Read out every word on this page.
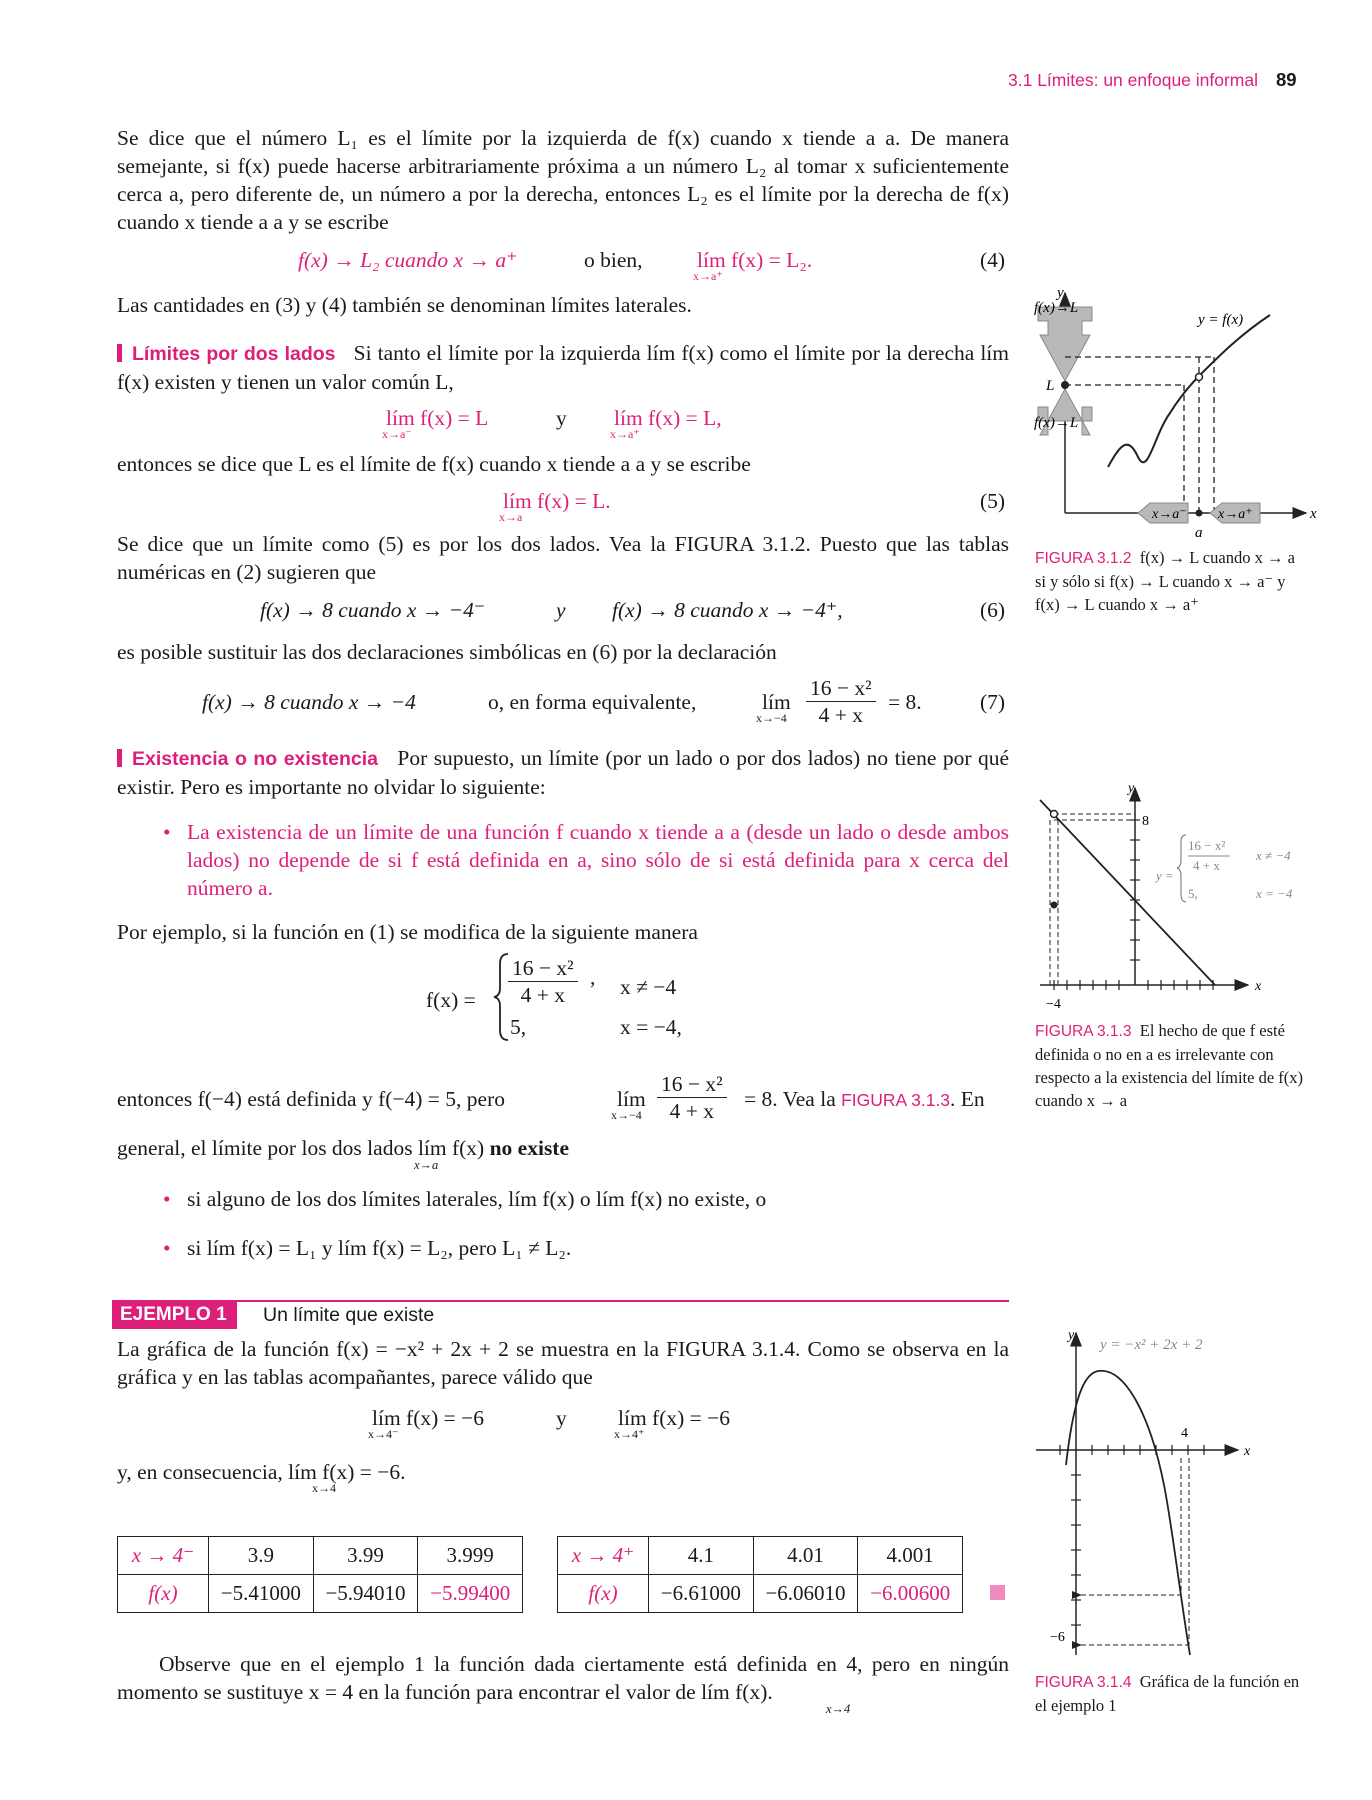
3.1 Límites: un enfoque informal 89
Se dice que el número L₁ es el límite por la izquierda de f(x) cuando x tiende a a. De manera semejante, si f(x) puede hacerse arbitrariamente próxima a un número L₂ al tomar x suficientemente cerca a, pero diferente de, un número a por la derecha, entonces L₂ es el límite por la derecha de f(x) cuando x tiende a a y se escribe
f(x) → L₂ cuando x → a⁺	o bien,	lím f(x) = L₂.
x→a⁺
(4)
Las cantidades en (3) y (4) también se denominan límites laterales.
Límites por dos lados Si tanto el límite por la izquierda lím f(x) como el límite por la derecha lím f(x) existen y tienen un valor común L,
lím f(x) = L
x→a⁻
y lím f(x) = L,
x→a⁺
entonces se dice que L es el límite de f(x) cuando x tiende a a y se escribe
lím f(x) = L.
x→a
(5)
Se dice que un límite como (5) es por los dos lados. Vea la FIGURA 3.1.2. Puesto que las tablas numéricas en (2) sugieren que
f(x) → 8 cuando x → −4⁻	y f(x) → 8 cuando x → −4⁺,	(6)
es posible sustituir las dos declaraciones simbólicas en (6) por la declaración
f(x) → 8 cuando x → −4	o, en forma equivalente,	lím
$x\to-4 \frac{\text{16 − x²}}{4 + x} = 8$.	(7)
Existencia o no existencia Por supuesto, un límite (por un lado o por dos lados) no tiene por qué existir. Pero es importante no olvidar lo siguiente:
• La existencia de un límite de una función f cuando x tiende a a (desde un lado o desde ambos lados) no depende de si f está definida en a, sino sólo de si está definida para x cerca del número a.
Por ejemplo, si la función en (1) se modifica de la siguiente manera
$f(x) = \frac{\text{16 − x²}}{4 + x}$ , x ≠ −4
5,	x = −4,
entonces f(−4) está definida y f(−4) = 5, pero	lím
$x\to-4 \frac{\text{16 − x²}}{4 + x} = 8$. Vea la FIGURA 3.1.3. En
general, el límite por los dos lados lím f(x)
x→a
no existe
• si alguno de los dos límites laterales, lím f(x) o lím f(x) no existe, o
• si lím f(x) = L₁ y lím f(x) = L₂, pero L₁ ≠ L₂.
EJEMPLO 1	Un límite que existe
La gráfica de la función f(x) = −x² + 2x + 2 se muestra en la FIGURA 3.1.4. Como se observa en la gráfica y en las tablas acompañantes, parece válido que
lím f(x) = −6
x→4⁻
y lím f(x) = −6
x→4⁺
y, en consecuencia, lím f(x) = −6.
x→4
x → 4⁻	3.9	3.99	3.999
f(x)	−5.41000	−5.94010	−5.99400
x → 4⁺	4.1	4.01	4.001
f(x)	−6.61000	−6.06010	−6.00600
Observe que en el ejemplo 1 la función dada ciertamente está definida en 4, pero en ningún momento se sustituye x = 4 en la función para encontrar el valor de lím f(x).
x→4
y
x
f(x)→L
f(x)→L
L
y = f(x)
x→a⁻ x→a⁺
a
FIGURA 3.1.2 f(x) → L cuando x → a si y sólo si f(x) → L cuando x → a⁻ y f(x) → L cuando x → a⁺
y
x
8
−4
y =
16 − x²
4 + x
x ≠ −4
5,	x = −4
FIGURA 3.1.3 El hecho de que f esté definida o no en a es irrelevante con respecto a la existencia del límite de f(x) cuando x → a
y
x
y = −x² + 2x + 2
4
−6
FIGURA 3.1.4 Gráfica de la función en el ejemplo 1
